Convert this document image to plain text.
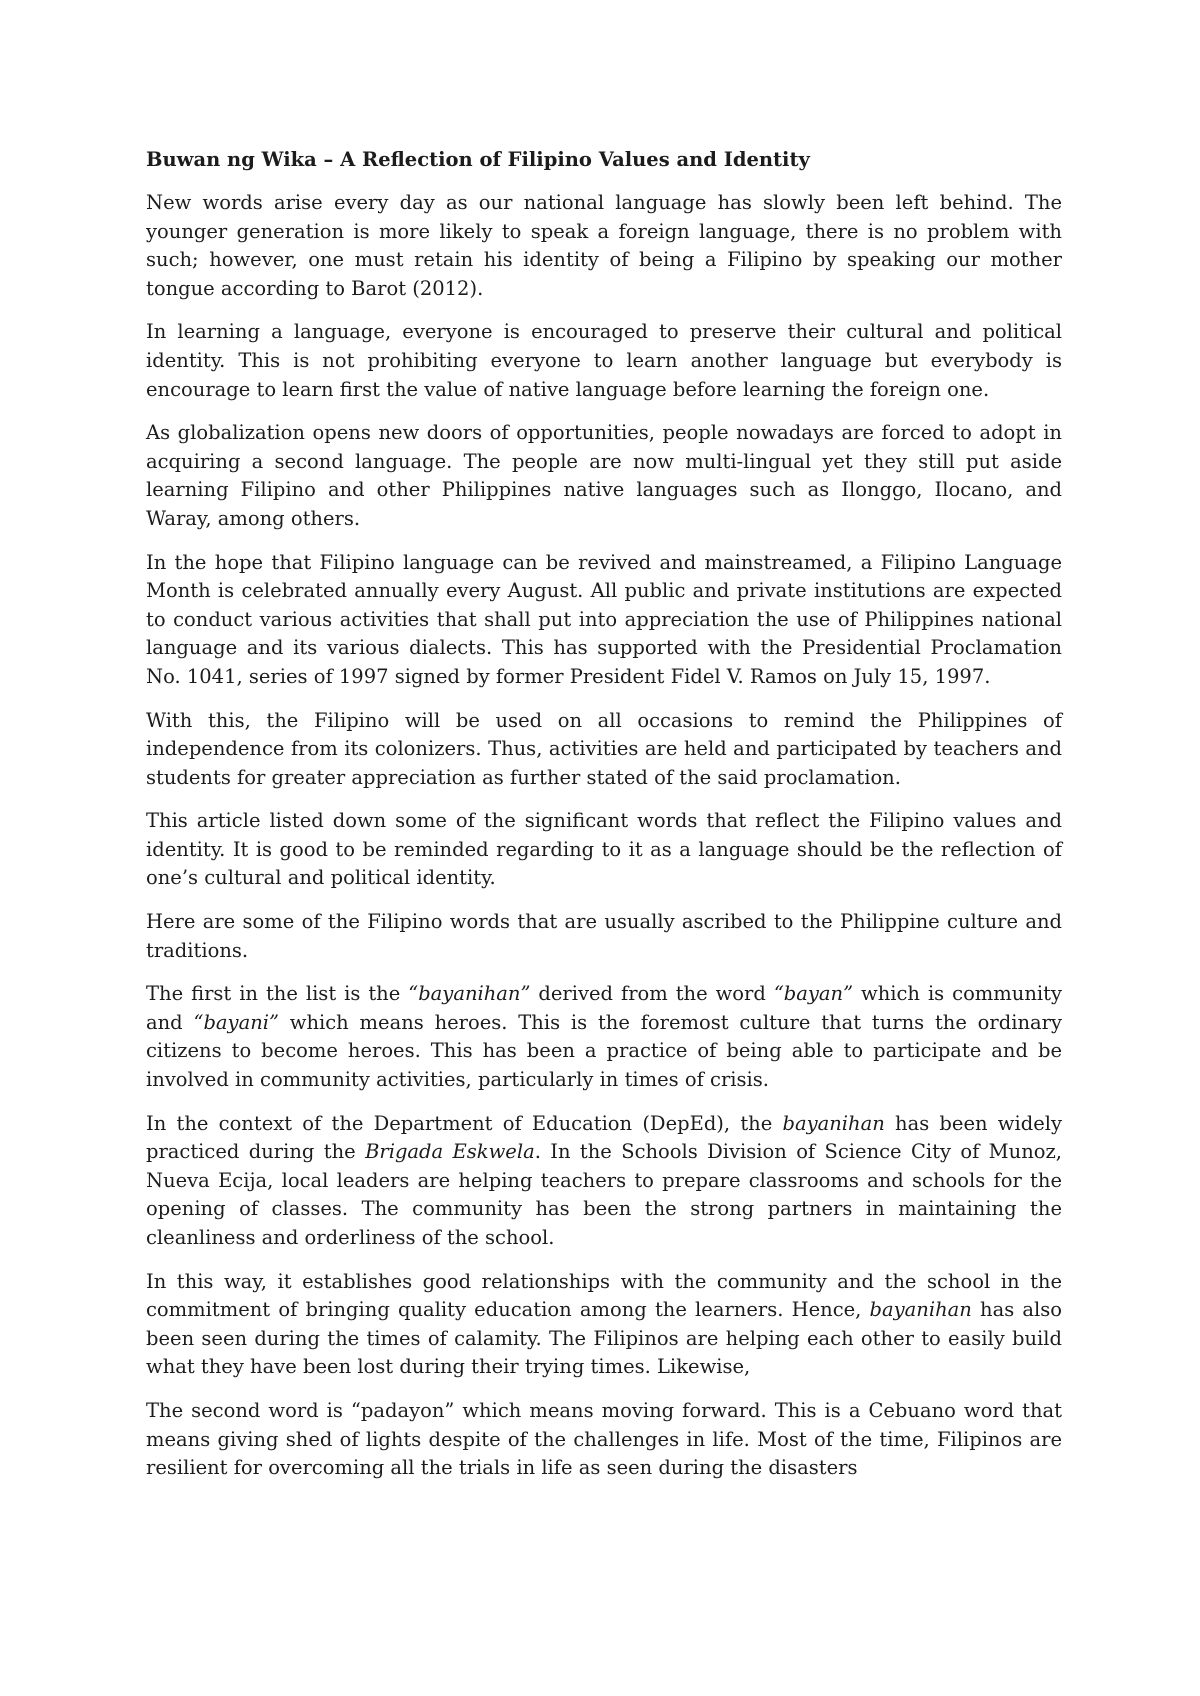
Buwan ng Wika – A Reflection of Filipino Values and Identity

New words arise every day as our national language has slowly been left behind. The younger generation is more likely to speak a foreign language, there is no problem with such; however, one must retain his identity of being a Filipino by speaking our mother tongue according to Barot (2012).

In learning a language, everyone is encouraged to preserve their cultural and political identity. This is not prohibiting everyone to learn another language but everybody is encourage to learn first the value of native language before learning the foreign one.

As globalization opens new doors of opportunities, people nowadays are forced to adopt in acquiring a second language. The people are now multi-lingual yet they still put aside learning Filipino and other Philippines native languages such as Ilonggo, Ilocano, and Waray, among others.

In the hope that Filipino language can be revived and mainstreamed, a Filipino Language Month is celebrated annually every August. All public and private institutions are expected to conduct various activities that shall put into appreciation the use of Philippines national language and its various dialects. This has supported with the Presidential Proclamation No. 1041, series of 1997 signed by former President Fidel V. Ramos on July 15, 1997.

With this, the Filipino will be used on all occasions to remind the Philippines of independence from its colonizers. Thus, activities are held and participated by teachers and students for greater appreciation as further stated of the said proclamation.

This article listed down some of the significant words that reflect the Filipino values and identity. It is good to be reminded regarding to it as a language should be the reflection of one’s cultural and political identity.

Here are some of the Filipino words that are usually ascribed to the Philippine culture and traditions.

The first in the list is the “bayanihan” derived from the word “bayan” which is community and “bayani” which means heroes. This is the foremost culture that turns the ordinary citizens to become heroes. This has been a practice of being able to participate and be involved in community activities, particularly in times of crisis.

In the context of the Department of Education (DepEd), the bayanihan has been widely practiced during the Brigada Eskwela. In the Schools Division of Science City of Munoz, Nueva Ecija, local leaders are helping teachers to prepare classrooms and schools for the opening of classes. The community has been the strong partners in maintaining the cleanliness and orderliness of the school.

In this way, it establishes good relationships with the community and the school in the commitment of bringing quality education among the learners. Hence, bayanihan has also been seen during the times of calamity. The Filipinos are helping each other to easily build what they have been lost during their trying times. Likewise,

The second word is “padayon” which means moving forward. This is a Cebuano word that means giving shed of lights despite of the challenges in life. Most of the time, Filipinos are resilient for overcoming all the trials in life as seen during the disasters
